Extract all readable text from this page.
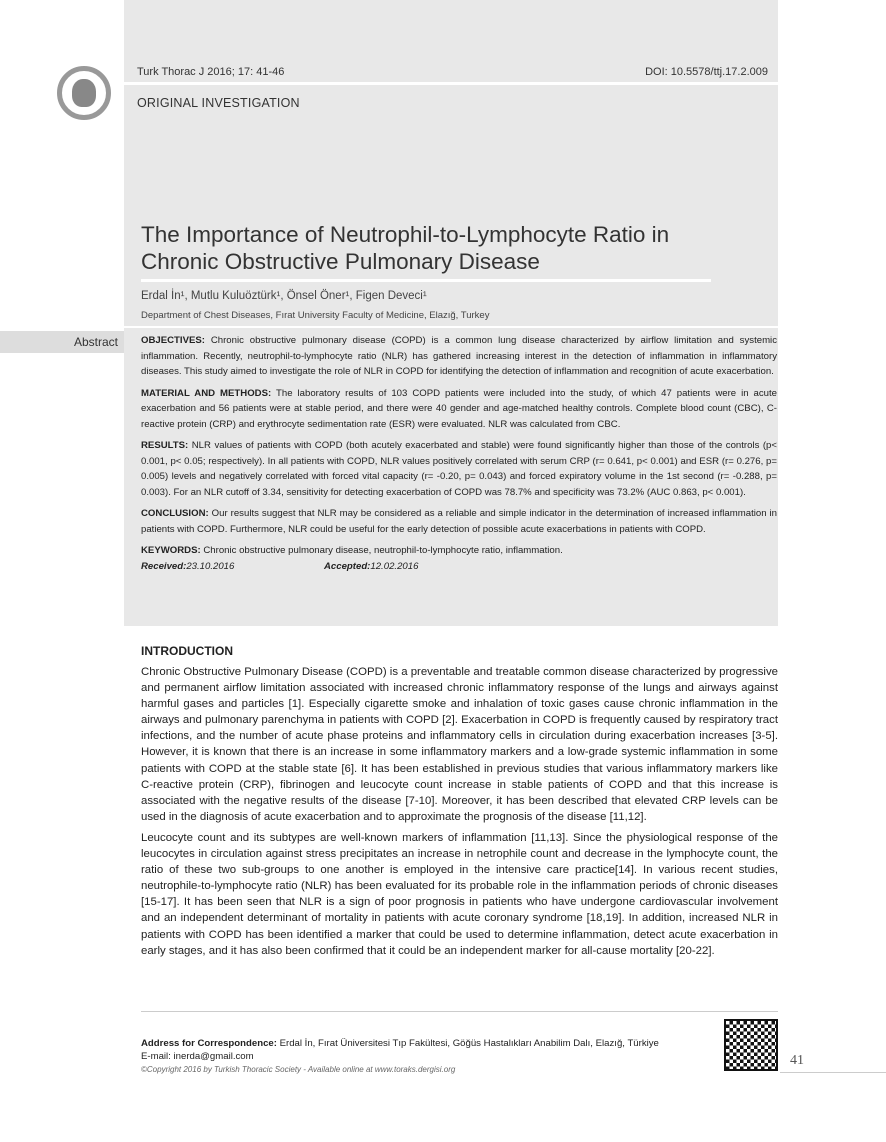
Turk Thorac J 2016; 17: 41-46	DOI: 10.5578/ttj.17.2.009
ORIGINAL INVESTIGATION
The Importance of Neutrophil-to-Lymphocyte Ratio in Chronic Obstructive Pulmonary Disease
Erdal İn¹, Mutlu Kuluöztürk¹, Önsel Öner¹, Figen Deveci¹
Department of Chest Diseases, Fırat University Faculty of Medicine, Elazığ, Turkey
Abstract	OBJECTIVES: Chronic obstructive pulmonary disease (COPD) is a common lung disease characterized by airflow limitation and systemic inflammation. Recently, neutrophil-to-lymphocyte ratio (NLR) has gathered increasing interest in the detection of inflammation in inflammatory diseases. This study aimed to investigate the role of NLR in COPD for identifying the detection of inflammation and recognition of acute exacerbation.

MATERIAL AND METHODS: The laboratory results of 103 COPD patients were included into the study, of which 47 patients were in acute exacerbation and 56 patients were at stable period, and there were 40 gender and age-matched healthy controls. Complete blood count (CBC), C-reactive protein (CRP) and erythrocyte sedimentation rate (ESR) were evaluated. NLR was calculated from CBC.

RESULTS: NLR values of patients with COPD (both acutely exacerbated and stable) were found significantly higher than those of the controls (p< 0.001, p< 0.05; respectively). In all patients with COPD, NLR values positively correlated with serum CRP (r= 0.641, p< 0.001) and ESR (r= 0.276, p= 0.005) levels and negatively correlated with forced vital capacity (r= -0.20, p= 0.043) and forced expiratory volume in the 1st second (r= -0.288, p= 0.003). For an NLR cutoff of 3.34, sensitivity for detecting exacerbation of COPD was 78.7% and specificity was 73.2% (AUC 0.863, p< 0.001).

CONCLUSION: Our results suggest that NLR may be considered as a reliable and simple indicator in the determination of increased inflammation in patients with COPD. Furthermore, NLR could be useful for the early detection of possible acute exacerbations in patients with COPD.

KEYWORDS: Chronic obstructive pulmonary disease, neutrophil-to-lymphocyte ratio, inflammation.

Received:23.10.2016	Accepted:12.02.2016
INTRODUCTION

Chronic Obstructive Pulmonary Disease (COPD) is a preventable and treatable common disease characterized by progressive and permanent airflow limitation associated with increased chronic inflammatory response of the lungs and airways against harmful gases and particles [1]. Especially cigarette smoke and inhalation of toxic gases cause chronic inflammation in the airways and pulmonary parenchyma in patients with COPD [2]. Exacerbation in COPD is frequently caused by respiratory tract infections, and the number of acute phase proteins and inflammatory cells in circulation during exacerbation increases [3-5]. However, it is known that there is an increase in some inflammatory markers and a low-grade systemic inflammation in some patients with COPD at the stable state [6]. It has been established in previous studies that various inflammatory markers like C-reactive protein (CRP), fibrinogen and leucocyte count increase in stable patients of COPD and that this increase is associated with the negative results of the disease [7-10]. Moreover, it has been described that elevated CRP levels can be used in the diagnosis of acute exacerbation and to approximate the prognosis of the disease [11,12].

Leucocyte count and its subtypes are well-known markers of inflammation [11,13]. Since the physiological response of the leucocytes in circulation against stress precipitates an increase in netrophile count and decrease in the lymphocyte count, the ratio of these two sub-groups to one another is employed in the intensive care practice[14]. In various recent studies, neutrophile-to-lymphocyte ratio (NLR) has been evaluated for its probable role in the inflammation periods of chronic diseases [15-17]. It has been seen that NLR is a sign of poor prognosis in patients who have undergone cardiovascular involvement and an independent determinant of mortality in patients with acute coronary syndrome [18,19]. In addition, increased NLR in patients with COPD has been identified a marker that could be used to determine inflammation, detect acute exacerbation in early stages, and it has also been confirmed that it could be an independent marker for all-cause mortality [20-22].

Address for Correspondence: Erdal İn, Fırat Üniversitesi Tıp Fakültesi, Göğüs Hastalıkları Anabilim Dalı, Elazığ, Türkiye
E-mail: inerda@gmail.com
©Copyright 2016 by Turkish Thoracic Society - Available online at www.toraks.dergisi.org
41
